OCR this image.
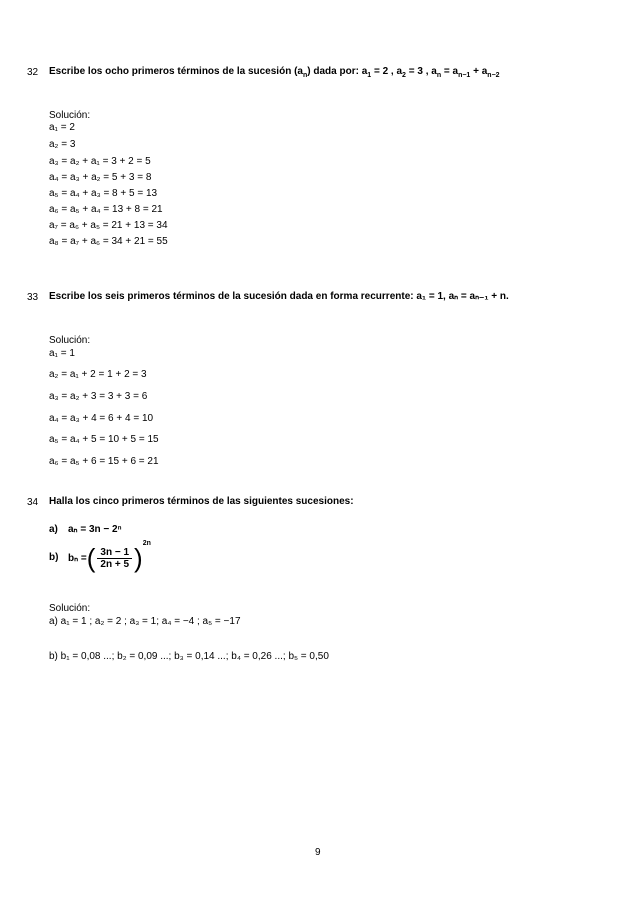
32 Escribe los ocho primeros términos de la sucesión $(a_n)$ dada por: $a_1 = 2$ , $a_2 = 3$ , $a_n = a_{n-1} + a_{n-2}$
Solución:
a₁ = 2
a₂ = 3
a₃ = a₂ + a₁ = 3 + 2 = 5
a₄ = a₃ + a₂ = 5 + 3 = 8
a₅ = a₄ + a₃ = 8 + 5 = 13
a₆ = a₅ + a₄ = 13 + 8 = 21
a₇ = a₆ + a₅ = 21 + 13 = 34
a₈ = a₇ + a₆ = 34 + 21 = 55
33 Escribe los seis primeros términos de la sucesión dada en forma recurrente: a₁ = 1, aₙ = aₙ₋₁ + n.
Solución:
a₁ = 1
a₂ = a₁ + 2 = 1 + 2 = 3
a₃ = a₂ + 3 = 3 + 3 = 6
a₄ = a₃ + 4 = 6 + 4 = 10
a₅ = a₄ + 5 = 10 + 5 = 15
a₆ = a₅ + 6 = 15 + 6 = 21
34 Halla los cinco primeros términos de las siguientes sucesiones:
a) aₙ = 3n − 2ⁿ
b) bₙ = ( $\frac{3n - 1}{2n + 5} )^{2n}$
Solución:
a) a₁ = 1 ; a₂ = 2 ; a₃ = 1; a₄ = −4 ; a₅ = −17
b) b₁ = 0,08 ...; b₂ = 0,09 ...; b₃ = 0,14 ...; b₄ = 0,26 ...; b₅ = 0,50
9
